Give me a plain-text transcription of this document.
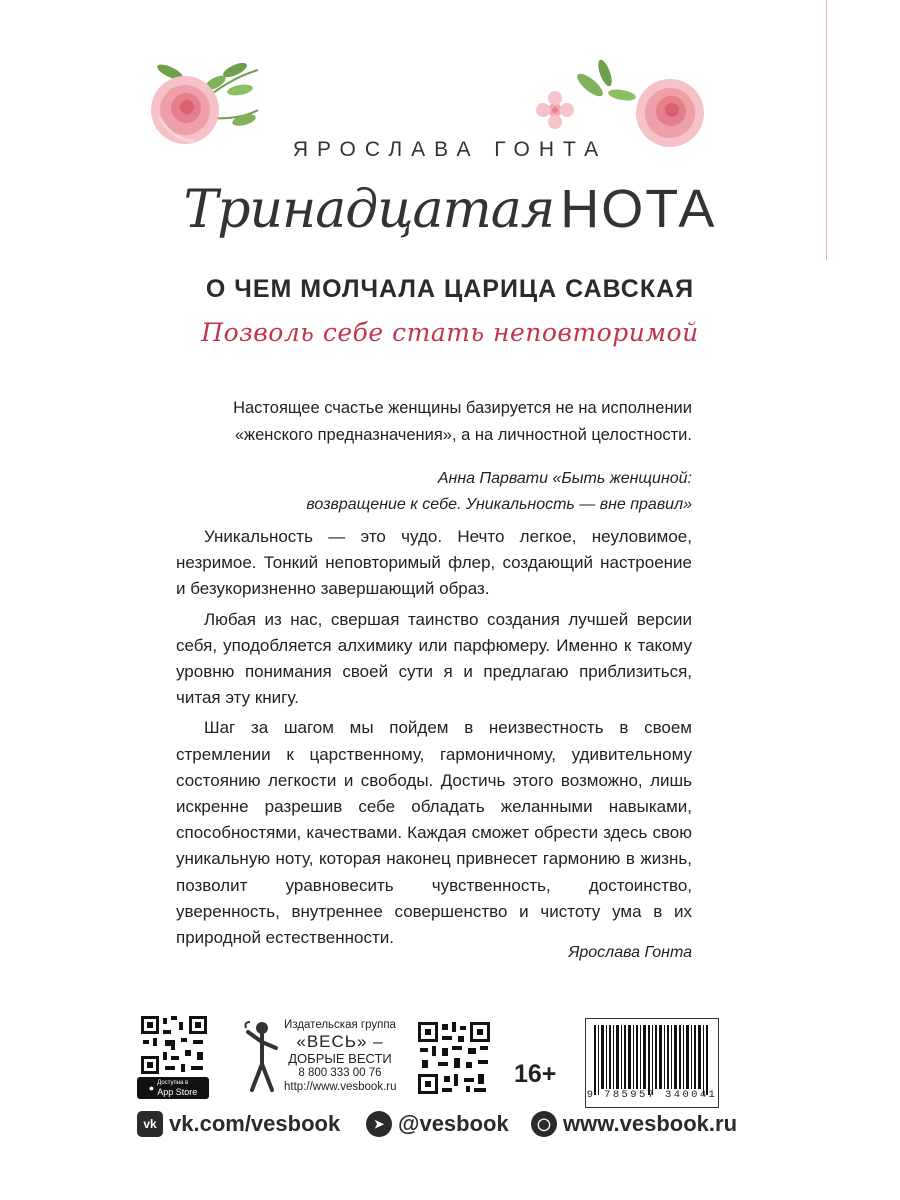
ЯРОСЛАВА ГОНТА
Тринадцатая НОТА
О ЧЕМ МОЛЧАЛА ЦАРИЦА САВСКАЯ
Позволь себе стать неповторимой
Настоящее счастье женщины базируется не на исполнении
«женского предназначения», а на личностной целостности.
Анна Парвати «Быть женщиной:
возвращение к себе. Уникальность — вне правил»

Уникальность — это чудо. Нечто легкое, неуловимое, незримое. Тонкий неповторимый флер, создающий настроение и безукоризненно завершающий образ.

Любая из нас, свершая таинство создания лучшей версии себя, уподобляется алхимику или парфюмеру. Именно к такому уровню понимания своей сути я и предлагаю приблизиться, читая эту книгу.

Шаг за шагом мы пойдем в неизвестность в своем стремлении к царственному, гармоничному, удивительному состоянию легкости и свободы. Достичь этого возможно, лишь искренне разрешив себе обладать желанными навыками, способностями, качествами. Каждая сможет обрести здесь свою уникальную ноту, которая наконец привнесет гармонию в жизнь, позволит уравновесить чувственность, достоинство, уверенность, внутреннее совершенство и чистоту ума в их природной естественности.

Ярослава Гонта
●
Доступна в
App Store
Издательская группа
«ВЕСЬ» –
ДОБРЫЕ ВЕСТИ
8 800 333 00 76
http://www.vesbook.ru	16+
9 785957 340041
vk vk.com/vesbook	➤ @vesbook	◯ www.vesbook.ru
